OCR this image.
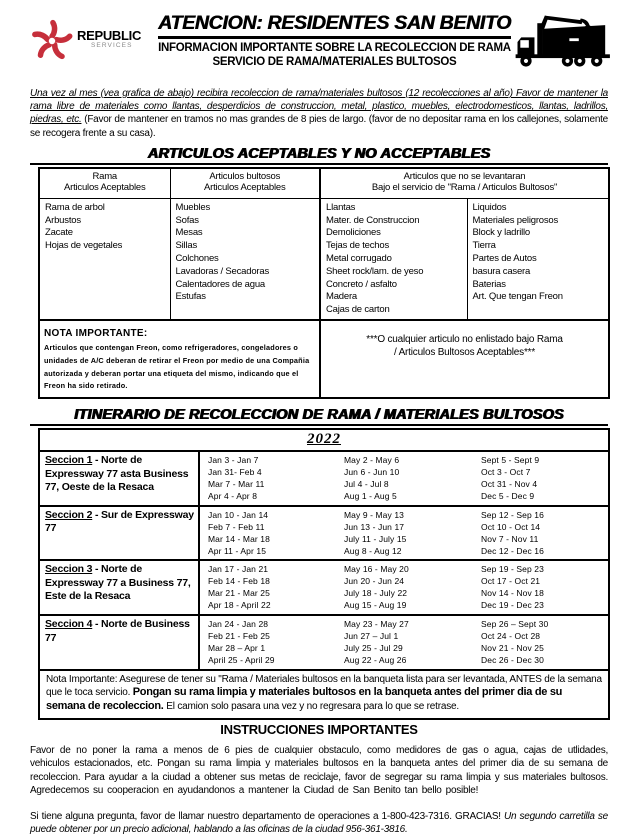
REPUBLIC
SERVICES
ATENCION: RESIDENTES SAN BENITO
INFORMACION IMPORTANTE SOBRE LA RECOLECCION DE RAMA
SERVICIO DE RAMA/MATERIALES BULTOSOS
Una vez al mes (vea grafica de abajo) recibira recoleccion de rama/materiales bultosos (12 recolecciones al año) Favor de mantener la rama libre de materiales como llantas, desperdicios de construccion, metal, plastico, muebles, electrodomesticos, llantas, ladrillos, piedras, etc. (Favor de mantener en tramos no mas grandes de 8 pies de largo. (favor de no depositar rama en los callejones, solamente se recogera frente a su casa).
ARTICULOS ACEPTABLES Y NO ACCEPTABLES
Rama
Articulos Aceptables

Articulos bultosos
Articulos Aceptables

Articulos que no se levantaran
Bajo el servicio de "Rama / Articulos Bultosos"

Rama de arbol
Arbustos
Zacate
Hojas de vegetales

Muebles
Sofas
Mesas
Sillas
Colchones
Lavadoras / Secadoras
Calentadores de agua
Estufas

Llantas
Mater. de Construccion
Demoliciones
Tejas de techos
Metal corrugado
Sheet rock/lam. de yeso
Concreto / asfalto
Madera
Cajas de carton

Liquidos
Materiales peligrosos
Block y ladrillo
Tierra
Partes de Autos
basura casera
Baterias
Art. Que tengan Freon

NOTA IMPORTANTE:
Articulos que contengan Freon, como refrigeradores, congeladores o unidades de A/C deberan de retirar el Freon por medio de una Compañia autorizada y deberan portar una etiqueta del mismo, indicando que el Freon ha sido retirado.

***O cualquier articulo no enlistado bajo Rama
/ Articulos Bultosos Aceptables***
ITINERARIO DE RECOLECCION DE RAMA / MATERIALES BULTOSOS
2022			
Seccion 1 - Norte de Expressway 77 asta Business 77, Oeste de la Resaca	
Jan 3 - Jan 7
Jan 31- Feb 4
Mar 7 - Mar 11
Apr 4 - Apr 8

May 2 - May 6
Jun 6 - Jun 10
Jul 4 - Jul 8
Aug 1 - Aug 5

Sept 5 - Sept 9
Oct 3 - Oct 7
Oct 31 - Nov 4
Dec 5 - Dec 9

Seccion 2 - Sur de Expressway 77	
Jan 10 - Jan 14
Feb 7 - Feb 11
Mar 14 - Mar 18
Apr 11 - Apr 15

May 9 - May 13
Jun 13 - Jun 17
July 11 - July 15
Aug 8 - Aug 12

Sep 12 - Sep 16
Oct 10 - Oct 14
Nov 7 - Nov 11
Dec 12 - Dec 16

Seccion 3 - Norte de Expressway 77 a Business 77, Este de la Resaca	
Jan 17 - Jan 21
Feb 14 - Feb 18
Mar 21 - Mar 25
Apr 18 - April 22

May 16 - May 20
Jun 20 - Jun 24
July 18 - July 22
Aug 15 - Aug 19

Sep 19 - Sep 23
Oct 17 - Oct 21
Nov 14 - Nov 18
Dec 19 - Dec 23

Seccion 4 - Norte de Business 77	
Jan 24 - Jan 28
Feb 21 - Feb 25
Mar 28 – Apr 1
April 25 - April 29

May 23 - May 27
Jun 27 – Jul 1
July 25 - Jul 29
Aug 22 - Aug 26

Sep 26 – Sept 30
Oct 24 - Oct 28
Nov 21 - Nov 25
Dec 26 - Dec 30

Nota Importante: Asegurese de tener su "Rama / Materiales bultosos en la banqueta lista para ser levantada, ANTES de la semana que le toca servicio. Pongan su rama limpia y materiales bultosos en la banqueta antes del primer dia de su semana de recoleccion. El camion solo pasara una vez y no regresara para lo que se retrase.			
INSTRUCCIONES IMPORTANTES
Favor de no poner la rama a menos de 6 pies de cualquier obstaculo, como medidores de gas o agua, cajas de utlidades, vehiculos estacionados, etc. Pongan su rama limpia y materiales bultosos en la banqueta antes del primer dia de su semana de recoleccion. Para ayudar a la ciudad a obtener sus metas de reciclaje, favor de segregar su rama limpia y sus materiales bultosos. Agredecemos su cooperacion en ayudandonos a mantener la Ciudad de San Benito tan bello posible!
Si tiene alguna pregunta, favor de llamar nuestro departamento de operaciones a 1-800-423-7316. GRACIAS! Un segundo carretilla se puede obtener por un precio adicional, hablando a las oficinas de la ciudad 956-361-3816.
